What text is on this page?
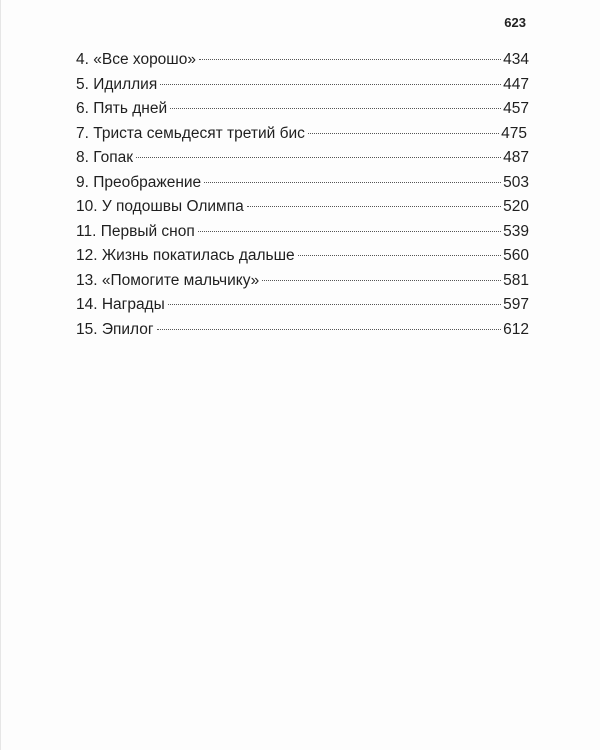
623
4. «Все хорошо»	434
5. Идиллия	447
6. Пять дней	457
7. Триста семьдесят третий бис	475
8. Гопак	487
9. Преображение	503
10. У подошвы Олимпа	520
11. Первый сноп	539
12. Жизнь покатилась дальше	560
13. «Помогите мальчику»	581
14. Награды	597
15. Эпилог	612
